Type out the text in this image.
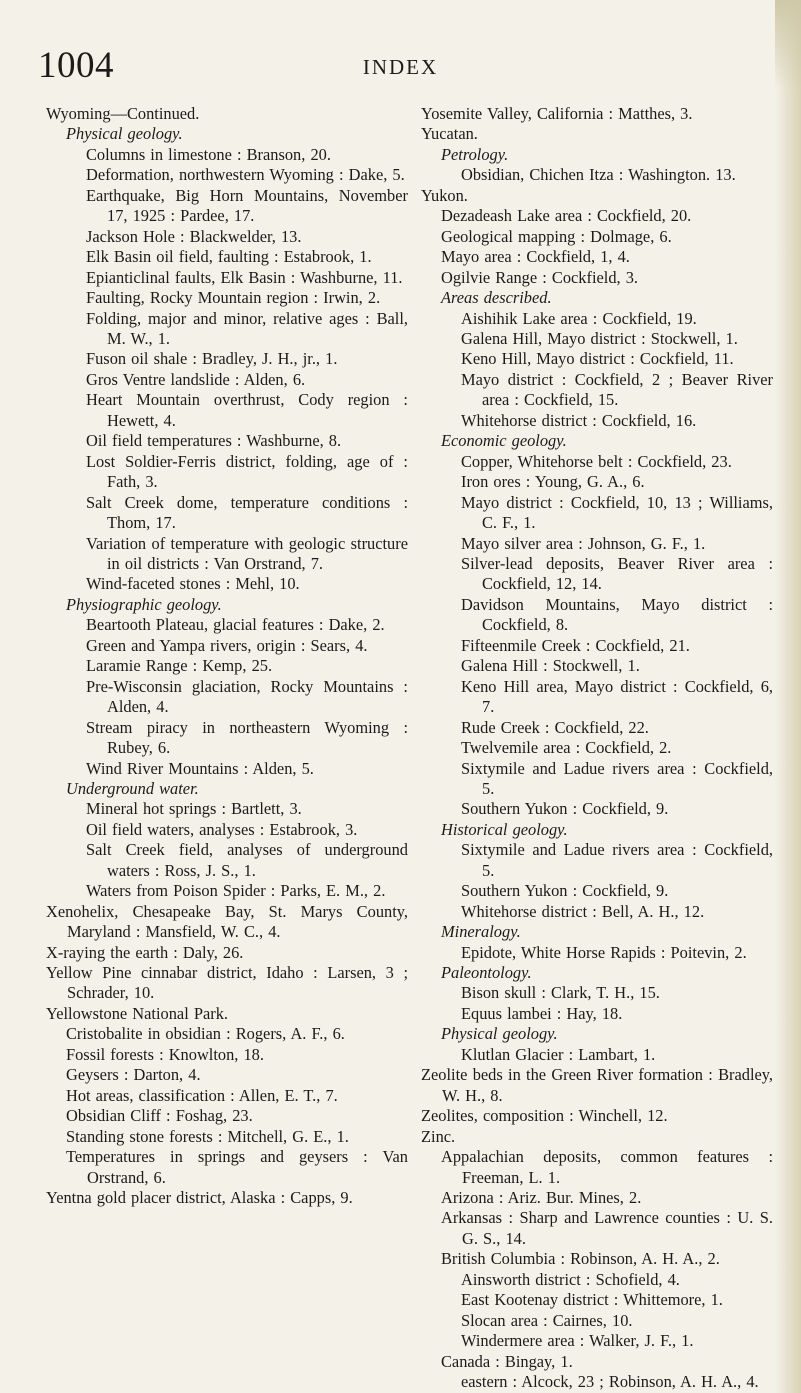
1004	INDEX

Wyoming—Continued.

Physical geology.

Columns in limestone : Branson, 20.

Deformation, northwestern Wyoming : Dake, 5.

Earthquake, Big Horn Mountains, November 17, 1925 : Pardee, 17.

Jackson Hole : Blackwelder, 13.

Elk Basin oil field, faulting : Estabrook, 1.

Epianticlinal faults, Elk Basin : Washburne, 11.

Faulting, Rocky Mountain region : Irwin, 2.

Folding, major and minor, relative ages : Ball, M. W., 1.

Fuson oil shale : Bradley, J. H., jr., 1.

Gros Ventre landslide : Alden, 6.

Heart Mountain overthrust, Cody region : Hewett, 4.

Oil field temperatures : Washburne, 8.

Lost Soldier-Ferris district, folding, age of : Fath, 3.

Salt Creek dome, temperature conditions : Thom, 17.

Variation of temperature with geologic structure in oil districts : Van Orstrand, 7.

Wind-faceted stones : Mehl, 10.

Physiographic geology.

Beartooth Plateau, glacial features : Dake, 2.

Green and Yampa rivers, origin : Sears, 4.

Laramie Range : Kemp, 25.

Pre-Wisconsin glaciation, Rocky Mountains : Alden, 4.

Stream piracy in northeastern Wyoming : Rubey, 6.

Wind River Mountains : Alden, 5.

Underground water.

Mineral hot springs : Bartlett, 3.

Oil field waters, analyses : Estabrook, 3.

Salt Creek field, analyses of underground waters : Ross, J. S., 1.

Waters from Poison Spider : Parks, E. M., 2.

Xenohelix, Chesapeake Bay, St. Marys County, Maryland : Mansfield, W. C., 4.

X-raying the earth : Daly, 26.

Yellow Pine cinnabar district, Idaho : Larsen, 3 ; Schrader, 10.

Yellowstone National Park.

Cristobalite in obsidian : Rogers, A. F., 6.

Fossil forests : Knowlton, 18.

Geysers : Darton, 4.

Hot areas, classification : Allen, E. T., 7.

Obsidian Cliff : Foshag, 23.

Standing stone forests : Mitchell, G. E., 1.

Temperatures in springs and geysers : Van Orstrand, 6.

Yentna gold placer district, Alaska : Capps, 9.

Yosemite Valley, California : Matthes, 3.

Yucatan.

Petrology.

Obsidian, Chichen Itza : Washington. 13.

Yukon.

Dezadeash Lake area : Cockfield, 20.

Geological mapping : Dolmage, 6.

Mayo area : Cockfield, 1, 4.

Ogilvie Range : Cockfield, 3.

Areas described.

Aishihik Lake area : Cockfield, 19.

Galena Hill, Mayo district : Stockwell, 1.

Keno Hill, Mayo district : Cockfield, 11.

Mayo district : Cockfield, 2 ; Beaver River area : Cockfield, 15.

Whitehorse district : Cockfield, 16.

Economic geology.

Copper, Whitehorse belt : Cockfield, 23.

Iron ores : Young, G. A., 6.

Mayo district : Cockfield, 10, 13 ; Williams, C. F., 1.

Mayo silver area : Johnson, G. F., 1.

Silver-lead deposits, Beaver River area : Cockfield, 12, 14.

Davidson Mountains, Mayo district : Cockfield, 8.

Fifteenmile Creek : Cockfield, 21.

Galena Hill : Stockwell, 1.

Keno Hill area, Mayo district : Cockfield, 6, 7.

Rude Creek : Cockfield, 22.

Twelvemile area : Cockfield, 2.

Sixtymile and Ladue rivers area : Cockfield, 5.

Southern Yukon : Cockfield, 9.

Historical geology.

Sixtymile and Ladue rivers area : Cockfield, 5.

Southern Yukon : Cockfield, 9.

Whitehorse district : Bell, A. H., 12.

Mineralogy.

Epidote, White Horse Rapids : Poitevin, 2.

Paleontology.

Bison skull : Clark, T. H., 15.

Equus lambei : Hay, 18.

Physical geology.

Klutlan Glacier : Lambart, 1.

Zeolite beds in the Green River formation : Bradley, W. H., 8.

Zeolites, composition : Winchell, 12.

Zinc.

Appalachian deposits, common features : Freeman, L. 1.

Arizona : Ariz. Bur. Mines, 2.

Arkansas : Sharp and Lawrence counties : U. S. G. S., 14.

British Columbia : Robinson, A. H. A., 2.

Ainsworth district : Schofield, 4.

East Kootenay district : Whittemore, 1.

Slocan area : Cairnes, 10.

Windermere area : Walker, J. F., 1.

Canada : Bingay, 1.

eastern : Alcock, 23 ; Robinson, A. H. A., 4.
